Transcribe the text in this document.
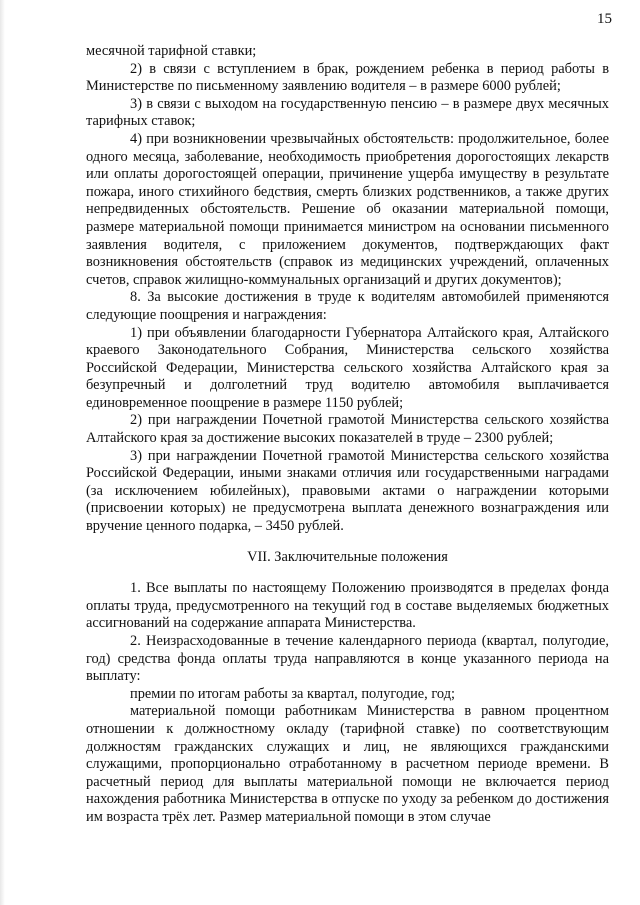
15

месячной тарифной ставки;

2) в связи с вступлением в брак, рождением ребенка в период работы в Министерстве по письменному заявлению водителя – в размере 6000 рублей;

3) в связи с выходом на государственную пенсию – в размере двух месячных тарифных ставок;

4) при возникновении чрезвычайных обстоятельств: продолжительное, более одного месяца, заболевание, необходимость приобретения дорогостоящих лекарств или оплаты дорогостоящей операции, причинение ущерба имуществу в результате пожара, иного стихийного бедствия, смерть близких родственников, а также других непредвиденных обстоятельств. Решение об оказании материальной помощи, размере материальной помощи принимается министром на основании письменного заявления водителя, с приложением документов, подтверждающих факт возникновения обстоятельств (справок из медицинских учреждений, оплаченных счетов, справок жилищно-коммунальных организаций и других документов);

8. За высокие достижения в труде к водителям автомобилей применяются следующие поощрения и награждения:

1) при объявлении благодарности Губернатора Алтайского края, Алтайского краевого Законодательного Собрания, Министерства сельского хозяйства Российской Федерации, Министерства сельского хозяйства Алтайского края за безупречный и долголетний труд водителю автомобиля выплачивается единовременное поощрение в размере 1150 рублей;

2) при награждении Почетной грамотой Министерства сельского хозяйства Алтайского края за достижение высоких показателей в труде – 2300 рублей;

3) при награждении Почетной грамотой Министерства сельского хозяйства Российской Федерации, иными знаками отличия или государственными наградами (за исключением юбилейных), правовыми актами о награждении которыми (присвоении которых) не предусмотрена выплата денежного вознаграждения или вручение ценного подарка, – 3450 рублей.

VII. Заключительные положения

1. Все выплаты по настоящему Положению производятся в пределах фонда оплаты труда, предусмотренного на текущий год в составе выделяемых бюджетных ассигнований на содержание аппарата Министерства.

2. Неизрасходованные в течение календарного периода (квартал, полугодие, год) средства фонда оплаты труда направляются в конце указанного периода на выплату:

премии по итогам работы за квартал, полугодие, год;

материальной помощи работникам Министерства в равном процентном отношении к должностному окладу (тарифной ставке) по соответствующим должностям гражданских служащих и лиц, не являющихся гражданскими служащими, пропорционально отработанному в расчетном периоде времени. В расчетный период для выплаты материальной помощи не включается период нахождения работника Министерства в отпуске по уходу за ребенком до достижения им возраста трёх лет. Размер материальной помощи в этом случае
